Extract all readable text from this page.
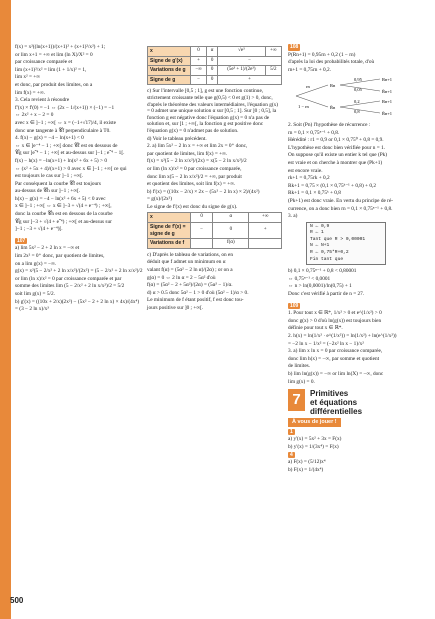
500

f(x) = x²((ln(x+1))/(x+1)² + (x+1)²/x²) + 1;

or lim x+1 = +∞ et lim (ln X)/X² = 0

par croissance comparée et

lim (x+1)²/x² = lim (1 + 1/x)² = 1,

lim x² = +∞

et donc, par produit des limites, on a

lim f(x) = +∞.

3. Cela revient à résoudre

f'(x) × f'(0) = −1 ⇔ (2x − 1/(x+1)) × (−1) = −1

⇔ 2x² + x − 2 = 0

avec x ∈ ]−1 ; +∞[ ⇔ x = (−1+√17)/4, il existe

donc une tangente à 𝒞f perpendiculaire à T0.

4. f(x) − g(x) = −4 − ln(x+1) < 0

⇔ x ∈ ]e⁻⁴ − 1 ; +∞[ donc 𝒞f est en dessous de

𝒞g sur ]e⁻⁴ − 1 ; +∞[ et au-dessus sur ]−1 ; e⁻⁴ − 1[.

f(x) − h(x) = −ln(x+1) + ln(x² + 6x + 5) > 0

⇔ (x² + 5x + 4)/(x+1) > 0 avec x ∈ ]−1 ; +∞[ ce qui

est toujours le cas sur ]−1 ; +∞[.

Par conséquent la courbe 𝒞f est toujours

au-dessus de 𝒞h sur ]−1 ; +∞[.

h(x) − g(x) = −4 − ln(x² + 6x + 5) < 0 avec

x ∈ ]−1 ; +∞[ ⇔ x ∈ ]−3 + √(4 + e⁻⁴) ; +∞[,

donc la courbe 𝒞h est en dessous de la courbe

𝒞g sur ]−3 + √(4 + e⁻⁴) ; +∞[ et au-dessus sur

]−1 ; −3 + √(4 + e⁻⁴)[.

107

a) lim 5x² − 2 + 2 ln x = −∞ et

lim 2x² = 0⁺ donc, par quotient de limites,

on a lim g(x) = −∞.

g(x) = x²(5 − 2/x² + 2 ln x/x²)/(2x²) = (5 − 2/x² + 2 ln x/x²)/2

or lim (ln x)/x² = 0 par croissance comparée et par

somme des limites lim (5 − 2/x² + 2 ln x/x²)/2 = 5/2

soit lim g(x) = 5/2.

b) g'(x) = ((10x + 2/x)(2x²) − (5x² − 2 + 2 ln x) × 4x)/(4x⁴)

= (3 − 2 ln x)/x³

x	0	α	√e³	+∞
Signe de g'(x)	+	0	−	
Variations de g	−∞	0	(5e³ + 1)/(2e³)	5/2
Signe de g	−	0	+	

c) Sur l'intervalle [0,5 ; 1], g est une fonction continue, strictement croissante telle que g(0,5) < 0 et g(1) > 0, donc, d'après le théorème des valeurs intermédiaires, l'équation g(x) = 0 admet une unique solution α sur [0,5 ; 1]. Sur ]0 ; 0,5], la fonction g est négative donc l'équation g(x) = 0 n'a pas de solution et, sur [1 ; +∞[, la fonction g est positive donc l'équation g(x) = 0 n'admet pas de solution.

d) Voir le tableau précédent.

2. a) lim 5x² − 2 ln x = +∞ et lim 2x = 0⁺ donc,

par quotient de limites, lim f(x) = +∞.

f(x) = x²(5 − 2 ln x/x²)/(2x) = x(5 − 2 ln x/x²)/2

or lim (ln x)/x² = 0 par croissance comparée,

donc lim x(5 − 2 ln x/x²)/2 = +∞, par produit

et quotient des limites, soit lim f(x) = +∞.

b) f'(x) = ((10x − 2/x) × 2x − (5x² − 2 ln x) × 2)/(4x²)

= g(x)/(2x²)

Le signe de f'(x) est donc du signe de g(x).

x	0	α	+∞
Signe de f'(x) = signe de g	−	0	+
Variations de f		f(α)	

c) D'après le tableau de variations, on en

déduit que f admet un minimum en α

valant f(α) = (5α² − 2 ln α)/(2α) ; or on a

g(α) = 0 ⇔ 2 ln α = 2 − 5α² d'où

f(α) = (5α² − 2 + 5α²)/(2α) = (5α² − 1)/α.

d) α > 0.5 donc 5α² − 1 > 0 d'où (5α² − 1)/α > 0.

Le minimum de f étant positif, f est donc tou-

jours positive sur ]0 ; +∞[.

108

P(Rn+1) = 0,95rn + 0,2 (1 − rn)

d'après la loi des probabilités totale, d'où

rn+1 = 0,75rn + 0,2.

rn
1 − rn
Rn
R̄n
0,95	Rn+1
0,05	R̄n+1
0,2	Rn+1
0,8	R̄n+1

2. Soit (Pn) l'hypothèse de récurrence :

rn = 0,1 × 0,75ⁿ⁻¹ + 0,8.

Hérédité : r1 = 0,9 or 0,1 × 0,75⁰ + 0,8 = 0,9.

L'hypothèse est donc bien vérifiée pour n = 1.

On suppose qu'il existe un entier k tel que (Pk)

est vraie et on cherche à montrer que (Pk+1)

est encore vraie.

rk+1 = 0,75rk + 0,2

Rk+1 = 0,75 × (0,1 × 0,75ᵏ⁻¹ + 0,8) + 0,2

Rk+1 = 0,1 × 0,75ᵏ + 0,8

(Pk+1) est donc vraie. En vertu du principe de ré-

currence, on a donc bien rn = 0,1 × 0,75ⁿ⁻¹ + 0,8.

3. a)

N ← 0,9

R ← 1

Tant que R > 0,00001

N ← N+1

R ← 0,75*R+0,2

Fin tant que

b) 0,1 × 0,75ⁿ⁻¹ + 0,8 < 0,80001

⇔ 0,75ⁿ⁻¹ < 0,0001

⇔ n > ln(0,0001)/ln(0,75) + 1

Donc c'est vérifié à partir de n = 27.

109

1. Pour tout x ∈ ℝ*, 1/x² > 0 et e^(1/x²) > 0

donc g(x) > 0 d'où ln(g(x)) est toujours bien

définie pour tout x ∈ ℝ*.

2. h(x) = ln(1/x² · e^(1/x²)) = ln(1/x²) + ln(e^(1/x²))

= −2 ln x − 1/x² = (−2x² ln x − 1)/x²

3. a) lim x ln x = 0 par croissance comparée,

donc lim h(x) = −∞, par somme et quotient

de limites.

b) lim ln(g(x)) = −∞ or lim ln(X) = −∞, donc

lim g(x) = 0.

7	Primitives
et équations
différentielles
À vous de jouer !

1

a) y'(x) = 5x² + 3x = F(x)

b) y'(x) = 1/(3x⁴) = F(x)

4

a) F(x) = (5/12)x⁴

b) F(x) = 1/(4x⁴)
